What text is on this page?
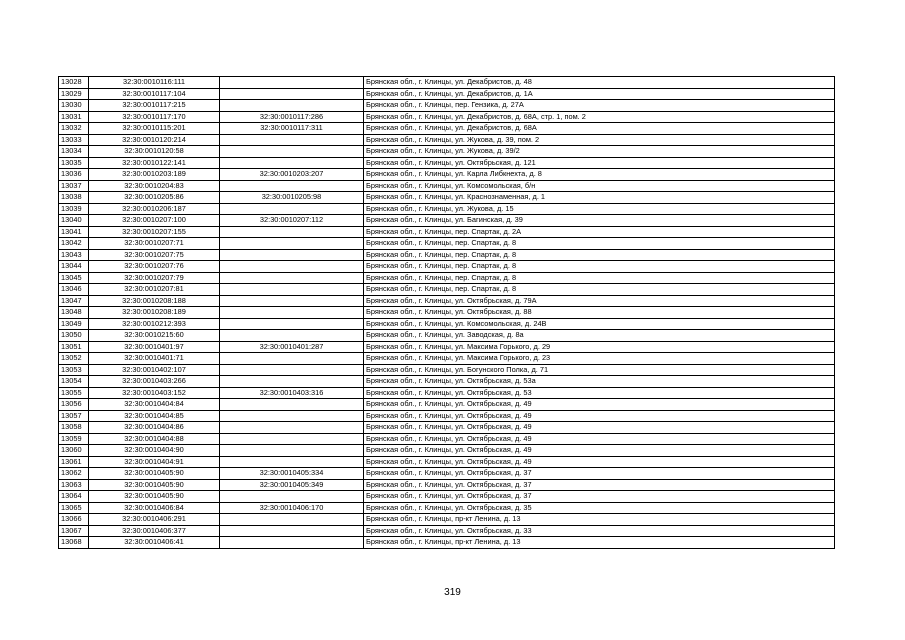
13028	32:30:0010116:111		Брянская обл., г. Клинцы, ул. Декабристов, д. 48
13029	32:30:0010117:104		Брянская обл., г. Клинцы, ул. Декабристов, д. 1А
13030	32:30:0010117:215		Брянская обл., г. Клинцы, пер. Гензика, д. 27А
13031	32:30:0010117:170	32:30:0010117:286	Брянская обл., г. Клинцы, ул. Декабристов, д. 68А, стр. 1, пом. 2
13032	32:30:0010115:201	32:30:0010117:311	Брянская обл., г. Клинцы, ул. Декабристов, д. 68А
13033	32:30:0010120:214		Брянская обл., г. Клинцы, ул. Жукова, д. 39, пом. 2
13034	32:30:0010120:58		Брянская обл., г. Клинцы, ул. Жукова, д. 39/2
13035	32:30:0010122:141		Брянская обл., г. Клинцы, ул. Октябрьская, д. 121
13036	32:30:0010203:189	32:30:0010203:207	Брянская обл., г. Клинцы, ул. Карла Либкнехта, д. 8
13037	32:30:0010204:83		Брянская обл., г. Клинцы, ул. Комсомольская, б/н
13038	32:30:0010205:86	32:30:0010205:98	Брянская обл., г. Клинцы, ул. Краснознаменная, д. 1
13039	32:30:0010206:187		Брянская обл., г. Клинцы, ул. Жукова, д. 15
13040	32:30:0010207:100	32:30:0010207:112	Брянская обл., г. Клинцы, ул. Багинская, д. 39
13041	32:30:0010207:155		Брянская обл., г. Клинцы, пер. Спартак, д. 2А
13042	32:30:0010207:71		Брянская обл., г. Клинцы, пер. Спартак, д. 8
13043	32:30:0010207:75		Брянская обл., г. Клинцы, пер. Спартак, д. 8
13044	32:30:0010207:76		Брянская обл., г. Клинцы, пер. Спартак, д. 8
13045	32:30:0010207:79		Брянская обл., г. Клинцы, пер. Спартак, д. 8
13046	32:30:0010207:81		Брянская обл., г. Клинцы, пер. Спартак, д. 8
13047	32:30:0010208:188		Брянская обл., г. Клинцы, ул. Октябрьская, д. 79А
13048	32:30:0010208:189		Брянская обл., г. Клинцы, ул. Октябрьская, д. 88
13049	32:30:0010212:393		Брянская обл., г. Клинцы, ул. Комсомольская, д. 24В
13050	32:30:0010215:60		Брянская обл., г. Клинцы, ул. Заводская, д. 8а
13051	32:30:0010401:97	32:30:0010401:287	Брянская обл., г. Клинцы, ул. Максима Горького, д. 29
13052	32:30:0010401:71		Брянская обл., г. Клинцы, ул. Максима Горького, д. 23
13053	32:30:0010402:107		Брянская обл., г. Клинцы, ул. Богунского Полка, д. 71
13054	32:30:0010403:266		Брянская обл., г. Клинцы, ул. Октябрьская, д. 53а
13055	32:30:0010403:152	32:30:0010403:316	Брянская обл., г. Клинцы, ул. Октябрьская, д. 53
13056	32:30:0010404:84		Брянская обл., г. Клинцы, ул. Октябрьская, д. 49
13057	32:30:0010404:85		Брянская обл., г. Клинцы, ул. Октябрьская, д. 49
13058	32:30:0010404:86		Брянская обл., г. Клинцы, ул. Октябрьская, д. 49
13059	32:30:0010404:88		Брянская обл., г. Клинцы, ул. Октябрьская, д. 49
13060	32:30:0010404:90		Брянская обл., г. Клинцы, ул. Октябрьская, д. 49
13061	32:30:0010404:91		Брянская обл., г. Клинцы, ул. Октябрьская, д. 49
13062	32:30:0010405:90	32:30:0010405:334	Брянская обл., г. Клинцы, ул. Октябрьская, д. 37
13063	32:30:0010405:90	32:30:0010405:349	Брянская обл., г. Клинцы, ул. Октябрьская, д. 37
13064	32:30:0010405:90		Брянская обл., г. Клинцы, ул. Октябрьская, д. 37
13065	32:30:0010406:84	32:30:0010406:170	Брянская обл., г. Клинцы, ул. Октябрьская, д. 35
13066	32:30:0010406:291		Брянская обл., г. Клинцы, пр-кт Ленина, д. 13
13067	32:30:0010406:377		Брянская обл., г. Клинцы, ул. Октябрьская, д. 33
13068	32:30:0010406:41		Брянская обл., г. Клинцы, пр-кт Ленина, д. 13
319
